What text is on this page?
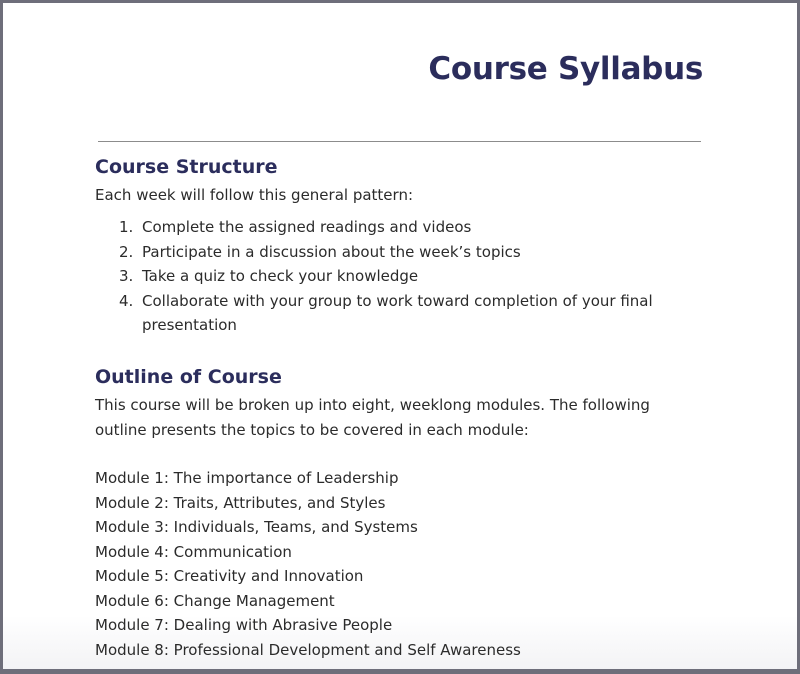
Course Syllabus
Course Structure

Each week will follow this general pattern:

1. Complete the assigned readings and videos
2. Participate in a discussion about the week’s topics
3. Take a quiz to check your knowledge
4. Collaborate with your group to work toward completion of your final presentation
Outline of Course

This course will be broken up into eight, weeklong modules. The following outline presents the topics to be covered in each module:

Module 1: The importance of Leadership
Module 2: Traits, Attributes, and Styles
Module 3: Individuals, Teams, and Systems
Module 4: Communication
Module 5: Creativity and Innovation
Module 6: Change Management
Module 7: Dealing with Abrasive People
Module 8: Professional Development and Self Awareness
